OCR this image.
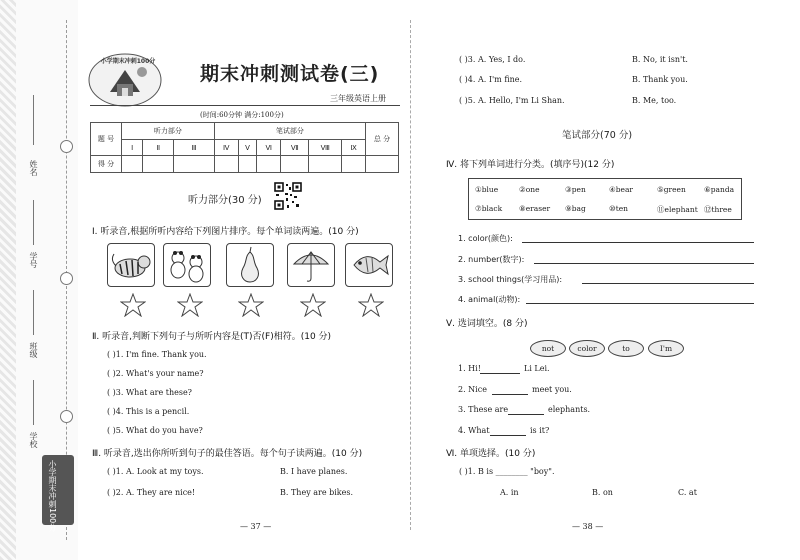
姓名
学号
班级
学校
小学期末冲刺100分
小学期末冲刺100分
期末冲刺测试卷(三)
三年级英语上册
(时间:60分钟 满分:100分)
题 号	听力部分			笔试部分						总 分
	Ⅰ	Ⅱ	Ⅲ	Ⅳ	Ⅴ	Ⅵ	Ⅶ	Ⅷ	Ⅸ	
得 分										
听力部分(30 分)
Ⅰ. 听录音,根据所听内容给下列图片排序。每个单词读两遍。(10 分)
Ⅱ. 听录音,判断下列句子与所听内容是(T)否(F)相符。(10 分)
( )1. I'm fine. Thank you.
( )2. What's your name?
( )3. What are these?
( )4. This is a pencil.
( )5. What do you have?
Ⅲ. 听录音,选出你所听到句子的最佳答语。每个句子读两遍。(10 分)
( )1. A. Look at my toys.	B. I have planes.
( )2. A. They are nice!	B. They are bikes.
( )3. A. Yes, I do.	B. No, it isn't.
( )4. A. I'm fine.	B. Thank you.
( )5. A. Hello, I'm Li Shan.	B. Me, too.
笔试部分(70 分)
Ⅳ. 将下列单词进行分类。(填序号)(12 分)
①blue	②one	③pen	④bear	⑤green ⑥panda
⑦black ⑧eraser ⑨bag	⑩ten	⑪elephant ⑫three
1. color(颜色):
2. number(数字):
3. school things(学习用品):
4. animal(动物):
Ⅴ. 选词填空。(8 分)
not	color	to	I'm
1. Hi!	Li Lei.
2. Nice	meet you.
3. These are	elephants.
4. What	is it?
Ⅵ. 单项选择。(10 分)
( )1. B is ________ "boy".
A. in	B. on	C. at
— 37 —	— 38 —
